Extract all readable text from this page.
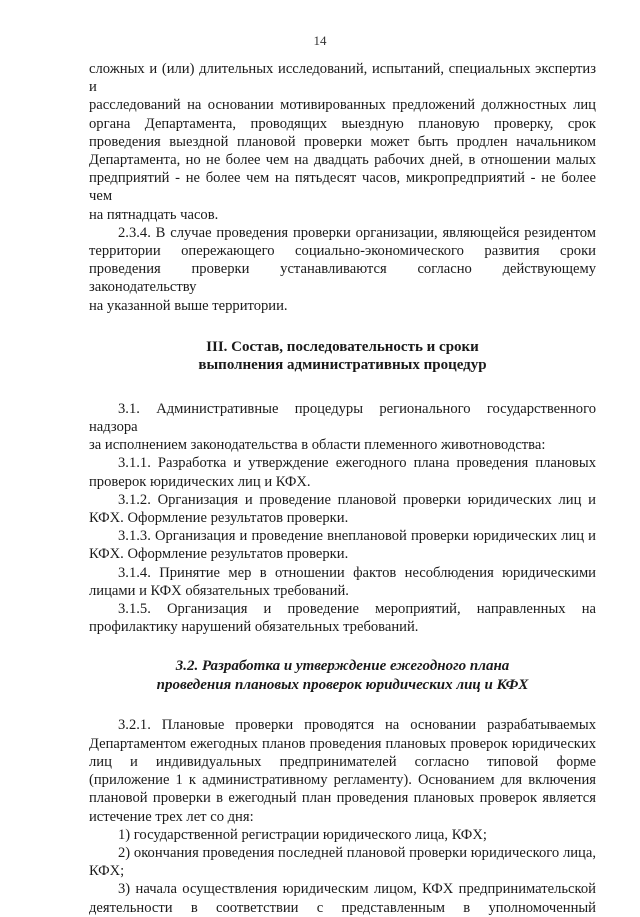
14

сложных и (или) длительных исследований, испытаний, специальных экспертиз и
расследований на основании мотивированных предложений должностных лиц
органа Департамента, проводящих выездную плановую проверку, срок
проведения выездной плановой проверки может быть продлен начальником
Департамента, но не более чем на двадцать рабочих дней, в отношении малых
предприятий - не более чем на пятьдесят часов, микропредприятий - не более чем
на пятнадцать часов.

2.3.4. В случае проведения проверки организации, являющейся резидентом
территории опережающего социально-экономического развития сроки
проведения проверки устанавливаются согласно действующему законодательству
на указанной выше территории.

III. Состав, последовательность и сроки
выполнения административных процедур

3.1. Административные процедуры регионального государственного надзора
за исполнением законодательства в области племенного животноводства:

3.1.1. Разработка и утверждение ежегодного плана проведения плановых
проверок юридических лиц и КФХ.

3.1.2. Организация и проведение плановой проверки юридических лиц и
КФХ. Оформление результатов проверки.

3.1.3. Организация и проведение внеплановой проверки юридических лиц и
КФХ. Оформление результатов проверки.

3.1.4. Принятие мер в отношении фактов несоблюдения юридическими
лицами и КФХ обязательных требований.

3.1.5. Организация и проведение мероприятий, направленных на
профилактику нарушений обязательных требований.

3.2. Разработка и утверждение ежегодного плана
проведения плановых проверок юридических лиц и КФХ

3.2.1. Плановые проверки проводятся на основании разрабатываемых
Департаментом ежегодных планов проведения плановых проверок юридических
лиц и индивидуальных предпринимателей согласно типовой форме
(приложение 1 к административному регламенту). Основанием для включения
плановой проверки в ежегодный план проведения плановых проверок является
истечение трех лет со дня:

1) государственной регистрации юридического лица, КФХ;

2) окончания проведения последней плановой проверки юридического лица,
КФХ;

3) начала осуществления юридическим лицом, КФХ предпринимательской
деятельности в соответствии с представленным в уполномоченный
